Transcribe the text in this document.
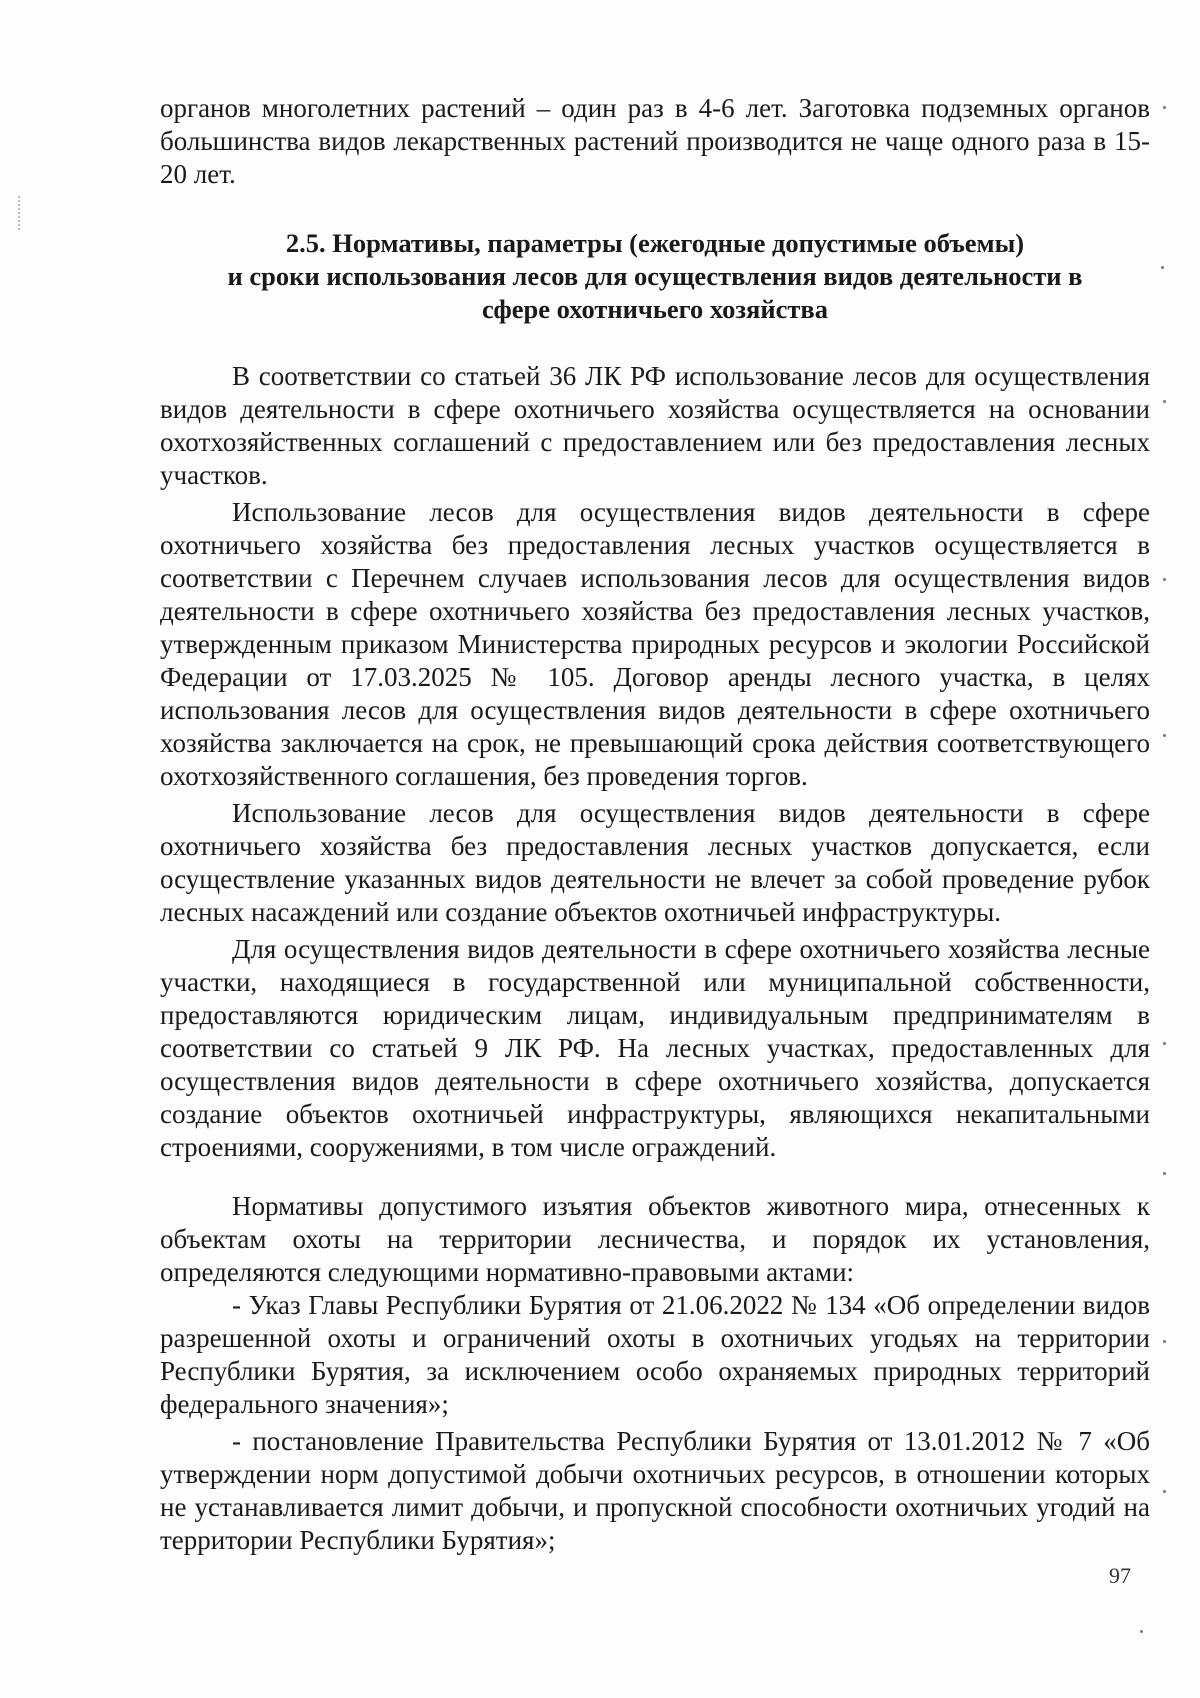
органов многолетних растений – один раз в 4-6 лет. Заготовка подземных органов большинства видов лекарственных растений производится не чаще одного раза в 15-20 лет.

2.5. Нормативы, параметры (ежегодные допустимые объемы)
и сроки использования лесов для осуществления видов деятельности в
сфере охотничьего хозяйства

В соответствии со статьей 36 ЛК РФ использование лесов для осуществления видов деятельности в сфере охотничьего хозяйства осуществляется на основании охотхозяйственных соглашений с предоставлением или без предоставления лесных участков.

Использование лесов для осуществления видов деятельности в сфере охотничьего хозяйства без предоставления лесных участков осуществляется в соответствии с Перечнем случаев использования лесов для осуществления видов деятельности в сфере охотничьего хозяйства без предоставления лесных участков, утвержденным приказом Министерства природных ресурсов и экологии Российской Федерации от 17.03.2025 № 105. Договор аренды лесного участка, в целях использования лесов для осуществления видов деятельности в сфере охотничьего хозяйства заключается на срок, не превышающий срока действия соответствующего охотхозяйственного соглашения, без проведения торгов.

Использование лесов для осуществления видов деятельности в сфере охотничьего хозяйства без предоставления лесных участков допускается, если осуществление указанных видов деятельности не влечет за собой проведение рубок лесных насаждений или создание объектов охотничьей инфраструктуры.

Для осуществления видов деятельности в сфере охотничьего хозяйства лесные участки, находящиеся в государственной или муниципальной собственности, предоставляются юридическим лицам, индивидуальным предпринимателям в соответствии со статьей 9 ЛК РФ. На лесных участках, предоставленных для осуществления видов деятельности в сфере охотничьего хозяйства, допускается создание объектов охотничьей инфраструктуры, являющихся некапитальными строениями, сооружениями, в том числе ограждений.

Нормативы допустимого изъятия объектов животного мира, отнесенных к объектам охоты на территории лесничества, и порядок их установления, определяются следующими нормативно-правовыми актами:

- Указ Главы Республики Бурятия от 21.06.2022 № 134 «Об определении видов разрешенной охоты и ограничений охоты в охотничьих угодьях на территории Республики Бурятия, за исключением особо охраняемых природных территорий федерального значения»;

- постановление Правительства Республики Бурятия от 13.01.2012 № 7 «Об утверждении норм допустимой добычи охотничьих ресурсов, в отношении которых не устанавливается лимит добычи, и пропускной способности охотничьих угодий на территории Республики Бурятия»;

97
